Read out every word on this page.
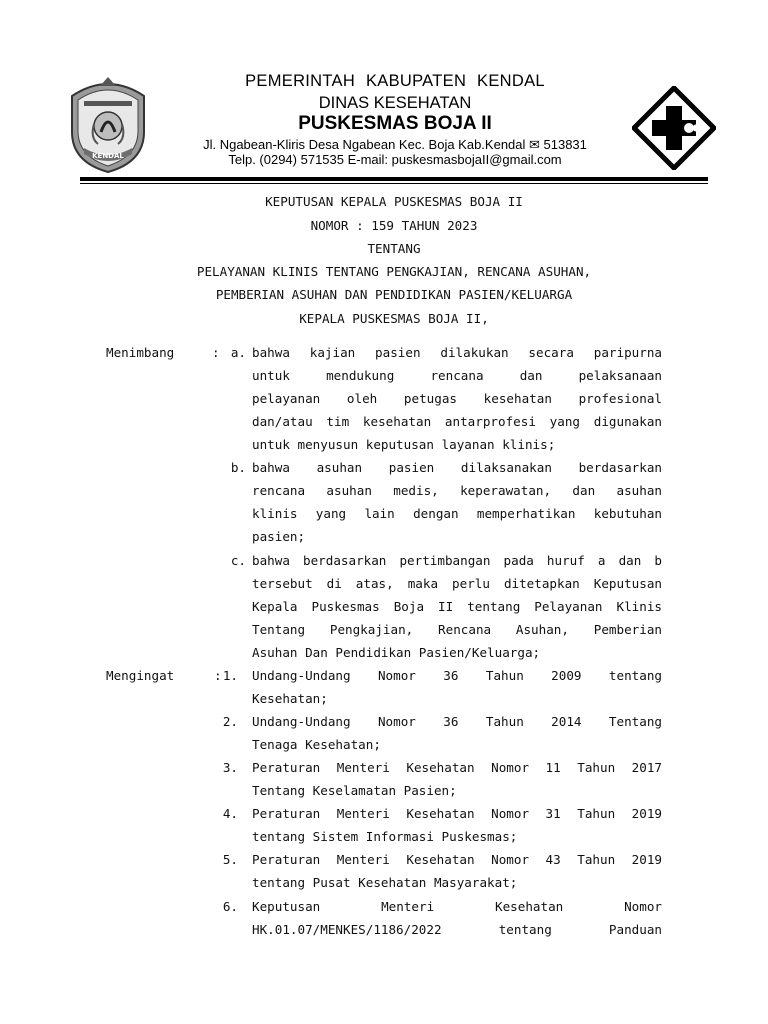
KENDAL
PEMERINTAH KABUPATEN KENDAL
DINAS KESEHATAN
PUSKESMAS BOJA II
Jl. Ngabean-Kliris Desa Ngabean Kec. Boja Kab.Kendal ✉ 513831
Telp. (0294) 571535 E-mail: puskesmasbojaII@gmail.com
KEPUTUSAN KEPALA PUSKESMAS BOJA II
NOMOR : 159 TAHUN 2023
TENTANG
PELAYANAN KLINIS TENTANG PENGKAJIAN, RENCANA ASUHAN,
PEMBERIAN ASUHAN DAN PENDIDIKAN PASIEN/KELUARGA
KEPALA PUSKESMAS BOJA II,
Menimbang	: a. bahwa kajian pasien dilakukan secara paripurna
untuk mendukung rencana dan pelaksanaan
pelayanan oleh petugas kesehatan profesional
dan/atau tim kesehatan antarprofesi yang digunakan
untuk menyusun keputusan layanan klinis;
b. bahwa asuhan pasien dilaksanakan berdasarkan
rencana asuhan medis, keperawatan, dan asuhan
klinis yang lain dengan memperhatikan kebutuhan
pasien;
c. bahwa berdasarkan pertimbangan pada huruf a dan b
tersebut di atas, maka perlu ditetapkan Keputusan
Kepala Puskesmas Boja II tentang Pelayanan Klinis
Tentang Pengkajian, Rencana Asuhan, Pemberian
Asuhan Dan Pendidikan Pasien/Keluarga;
Mengingat	: 1. Undang-Undang Nomor 36 Tahun 2009 tentang
Kesehatan;
2. Undang-Undang Nomor 36 Tahun 2014 Tentang
Tenaga Kesehatan;
3. Peraturan Menteri Kesehatan Nomor 11 Tahun 2017
Tentang Keselamatan Pasien;
4. Peraturan Menteri Kesehatan Nomor 31 Tahun 2019
tentang Sistem Informasi Puskesmas;
5. Peraturan Menteri Kesehatan Nomor 43 Tahun 2019
tentang Pusat Kesehatan Masyarakat;
6. Keputusan Menteri Kesehatan Nomor
HK.01.07/MENKES/1186/2022 tentang Panduan
